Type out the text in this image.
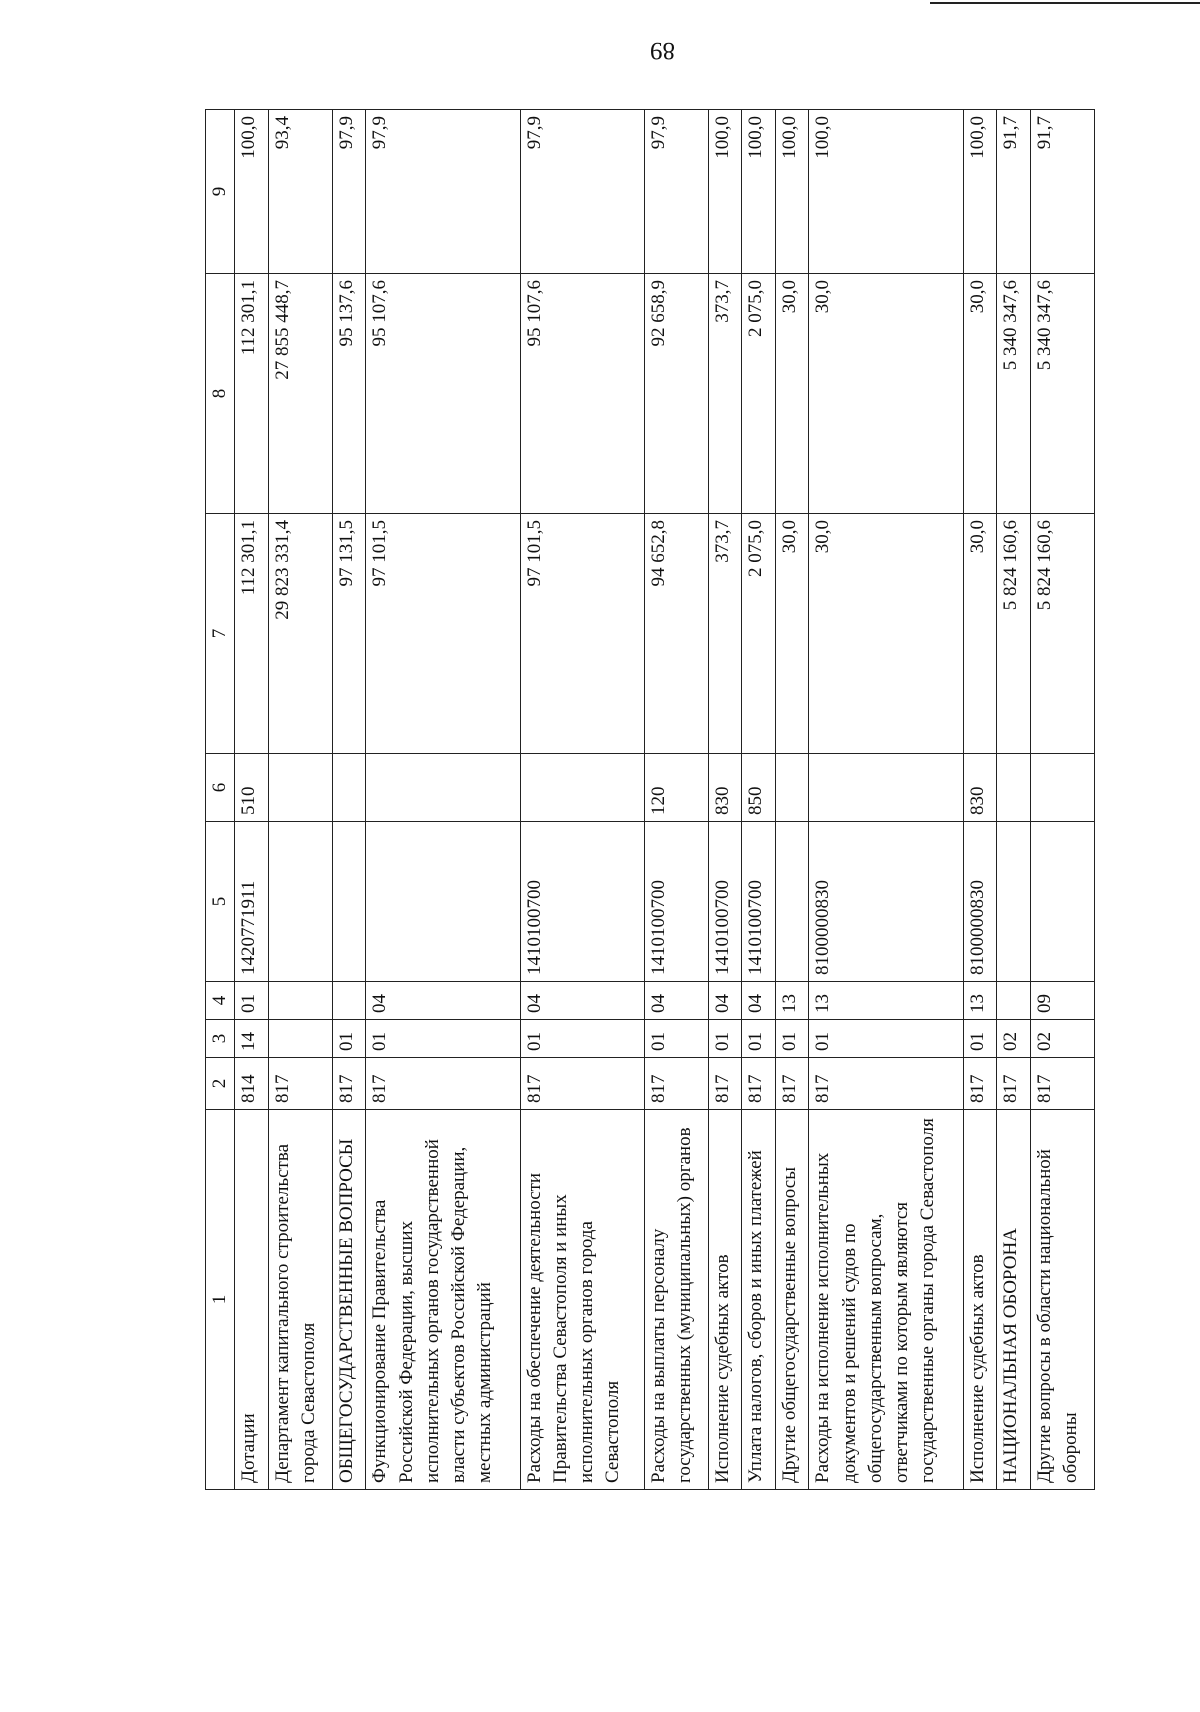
89
1	2	3	4	5	6	7	8	9
Дотации	814	14	01	1420771911	510	112 301,1	112 301,1	100,0
Департамент капитального строительства города Севастополя	817					29 823 331,4	27 855 448,7	93,4
ОБЩЕГОСУДАРСТВЕННЫЕ ВОПРОСЫ	817	01				97 131,5	95 137,6	97,9
Функционирование Правительства Российской Федерации, высших исполнительных органов государственной власти субъектов Российской Федерации, местных администраций	817	01	04			97 101,5	95 107,6	97,9
Расходы на обеспечение деятельности Правительства Севастополя и иных исполнительных органов города Севастополя	817	01	04	1410100700		97 101,5	95 107,6	97,9
Расходы на выплаты персоналу государственных (муниципальных) органов	817	01	04	1410100700	120	94 652,8	92 658,9	97,9
Исполнение судебных актов	817	01	04	1410100700	830	373,7	373,7	100,0
Уплата налогов, сборов и иных платежей	817	01	04	1410100700	850	2 075,0	2 075,0	100,0
Другие общегосударственные вопросы	817	01	13			30,0	30,0	100,0
Расходы на исполнение исполнительных документов и решений судов по общегосударственным вопросам, ответчиками по которым являются государственные органы города Севастополя	817	01	13	8100000830		30,0	30,0	100,0
Исполнение судебных актов	817	01	13	8100000830	830	30,0	30,0	100,0
НАЦИОНАЛЬНАЯ ОБОРОНА	817	02				5 824 160,6	5 340 347,6	91,7
Другие вопросы в области национальной обороны	817	02	09			5 824 160,6	5 340 347,6	91,7
